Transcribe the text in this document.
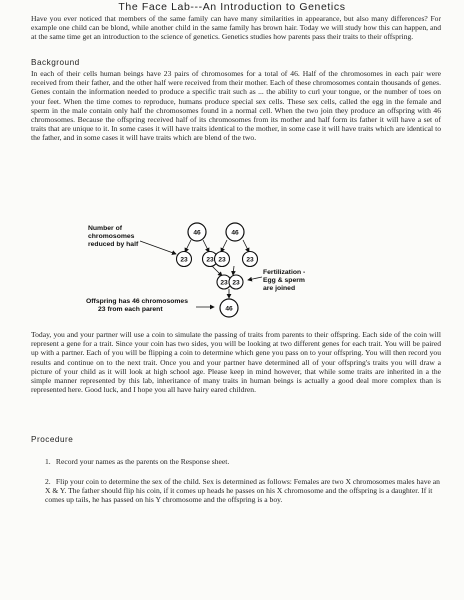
The Face Lab---An Introduction to Genetics

Have you ever noticed that members of the same family can have many similarities in appearance, but also many differences? For example one child can be blond, while another child in the same family has brown hair. Today we will study how this can happen, and at the same time get an introduction to the science of genetics. Genetics studies how parents pass their traits to their offspring.

Background

In each of their cells human beings have 23 pairs of chromosomes for a total of 46. Half of the chromosomes in each pair were received from their father, and the other half were received from their mother. Each of these chromosomes contain thousands of genes. Genes contain the information needed to produce a specific trait such as ... the ability to curl your tongue, or the number of toes on your feet. When the time comes to reproduce, humans produce special sex cells. These sex cells, called the egg in the female and sperm in the male contain only half the chromosomes found in a normal cell. When the two join they produce an offspring with 46 chromosomes. Because the offspring received half of its chromosomes from its mother and half form its father it will have a set of traits that are unique to it. In some cases it will have traits identical to the mother, in some case it will have traits which are identical to the father, and in some cases it will have traits which are blend of the two.

Number of
chromosomes
reduced by half
Fertilization -
Egg & sperm
are joined
Offspring has 46 chromosomes
23 from each parent
46
23	23
46
23	23
23 23
46

Today, you and your partner will use a coin to simulate the passing of traits from parents to their offspring. Each side of the coin will represent a gene for a trait. Since your coin has two sides, you will be looking at two different genes for each trait. You will be paired up with a partner. Each of you will be flipping a coin to determine which gene you pass on to your offspring. You will then record you results and continue on to the next trait. Once you and your partner have determined all of your offspring's traits you will draw a picture of your child as it will look at high school age. Please keep in mind however, that while some traits are inherited in a the simple manner represented by this lab, inheritance of many traits in human beings is actually a good deal more complex than is represented here. Good luck, and I hope you all have hairy eared children.

Procedure

1. Record your names as the parents on the Response sheet.

2. Flip your coin to determine the sex of the child. Sex is determined as follows: Females are two X chromosomes males have an X & Y. The father should flip his coin, if it comes up heads he passes on his X chromosome and the offspring is a daughter. If it comes up tails, he has passed on his Y chromosome and the offspring is a boy.
